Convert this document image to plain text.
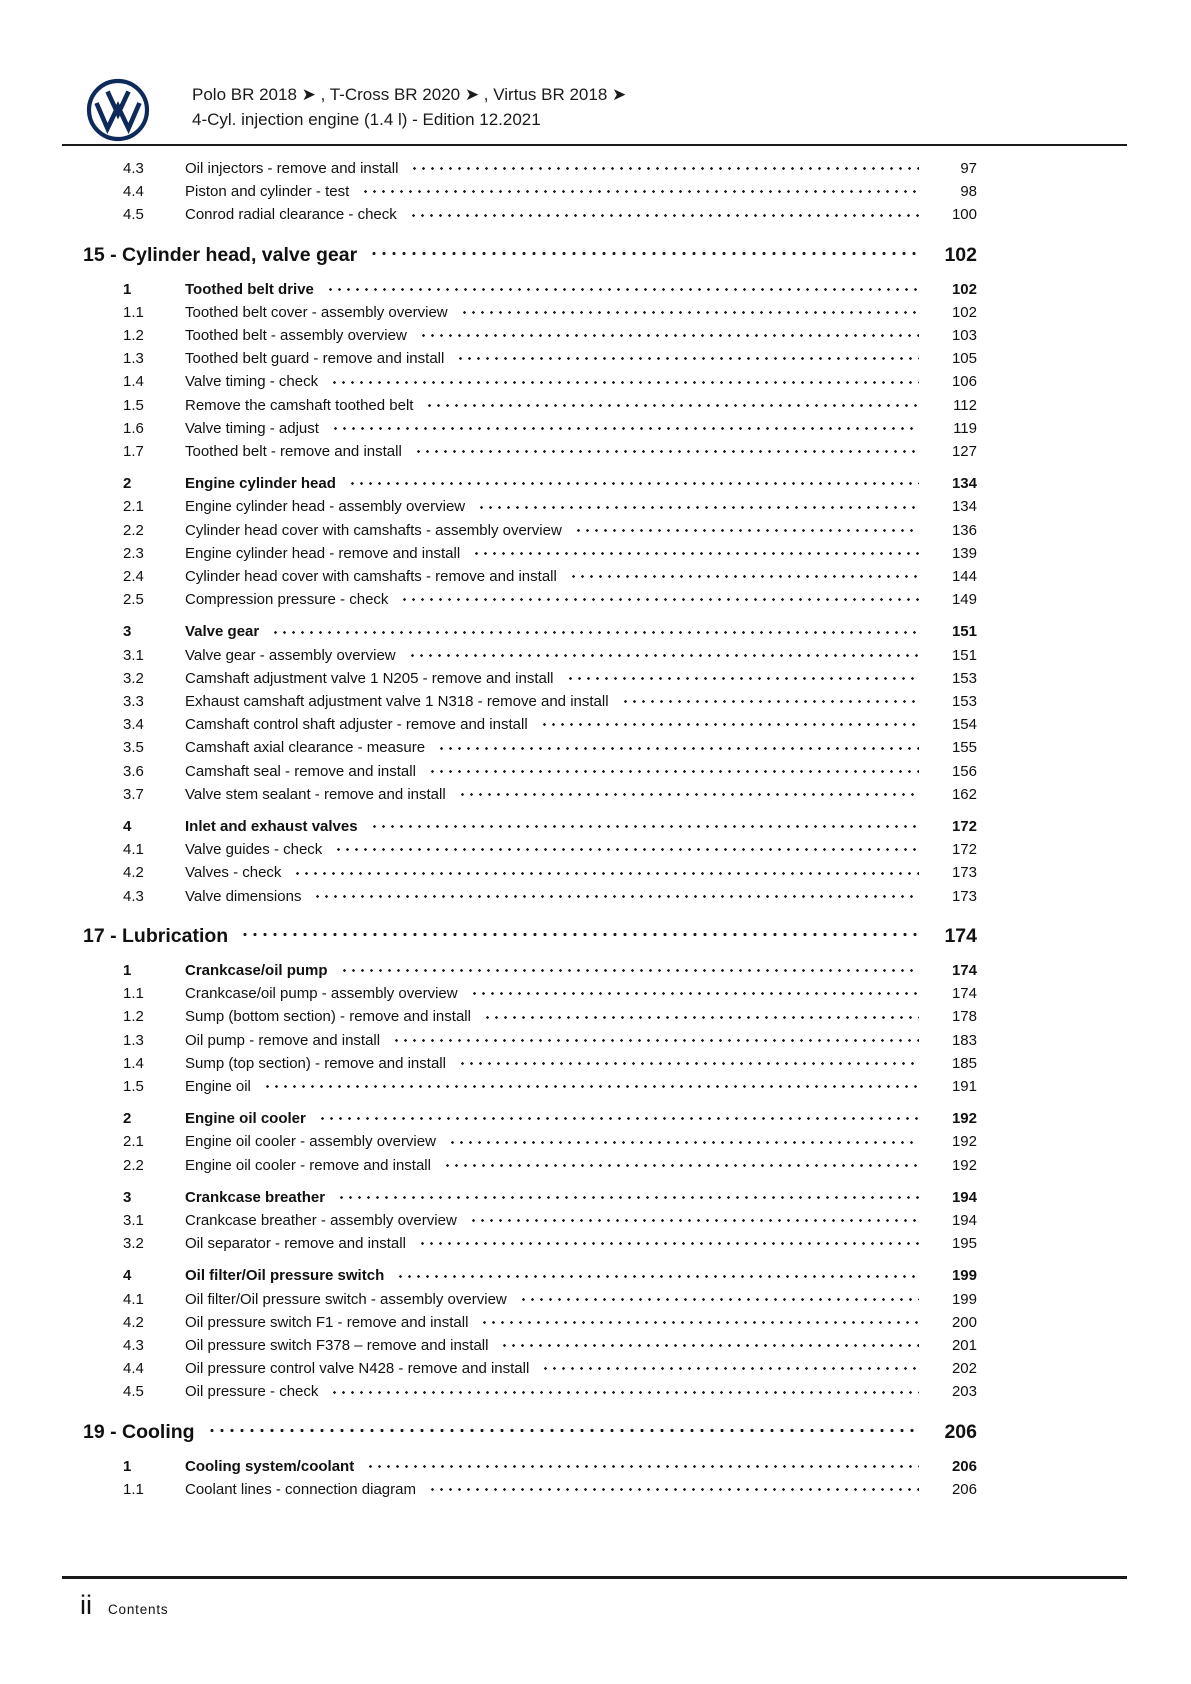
Polo BR 2018 ➤ , T-Cross BR 2020 ➤ , Virtus BR 2018 ➤
4-Cyl. injection engine (1.4 l) - Edition 12.2021
4.3	Oil injectors - remove and install	97
4.4	Piston and cylinder - test	98
4.5	Conrod radial clearance - check	100
15 - Cylinder head, valve gear	102
1	Toothed belt drive	102
1.1	Toothed belt cover - assembly overview	102
1.2	Toothed belt - assembly overview	103
1.3	Toothed belt guard - remove and install	105
1.4	Valve timing - check	106
1.5	Remove the camshaft toothed belt	112
1.6	Valve timing - adjust	119
1.7	Toothed belt - remove and install	127
2	Engine cylinder head	134
2.1	Engine cylinder head - assembly overview	134
2.2	Cylinder head cover with camshafts - assembly overview	136
2.3	Engine cylinder head - remove and install	139
2.4	Cylinder head cover with camshafts - remove and install	144
2.5	Compression pressure - check	149
3	Valve gear	151
3.1	Valve gear - assembly overview	151
3.2	Camshaft adjustment valve 1 N205 - remove and install	153
3.3	Exhaust camshaft adjustment valve 1 N318 - remove and install	153
3.4	Camshaft control shaft adjuster - remove and install	154
3.5	Camshaft axial clearance - measure	155
3.6	Camshaft seal - remove and install	156
3.7	Valve stem sealant - remove and install	162
4	Inlet and exhaust valves	172
4.1	Valve guides - check	172
4.2	Valves - check	173
4.3	Valve dimensions	173
17 - Lubrication	174
1	Crankcase/oil pump	174
1.1	Crankcase/oil pump - assembly overview	174
1.2	Sump (bottom section) - remove and install	178
1.3	Oil pump - remove and install	183
1.4	Sump (top section) - remove and install	185
1.5	Engine oil	191
2	Engine oil cooler	192
2.1	Engine oil cooler - assembly overview	192
2.2	Engine oil cooler - remove and install	192
3	Crankcase breather	194
3.1	Crankcase breather - assembly overview	194
3.2	Oil separator - remove and install	195
4	Oil filter/Oil pressure switch	199
4.1	Oil filter/Oil pressure switch - assembly overview	199
4.2	Oil pressure switch F1 - remove and install	200
4.3	Oil pressure switch F378 – remove and install	201
4.4	Oil pressure control valve N428 - remove and install	202
4.5	Oil pressure - check	203
19 - Cooling	206
1	Cooling system/coolant	206
1.1	Coolant lines - connection diagram	206
ii Contents
